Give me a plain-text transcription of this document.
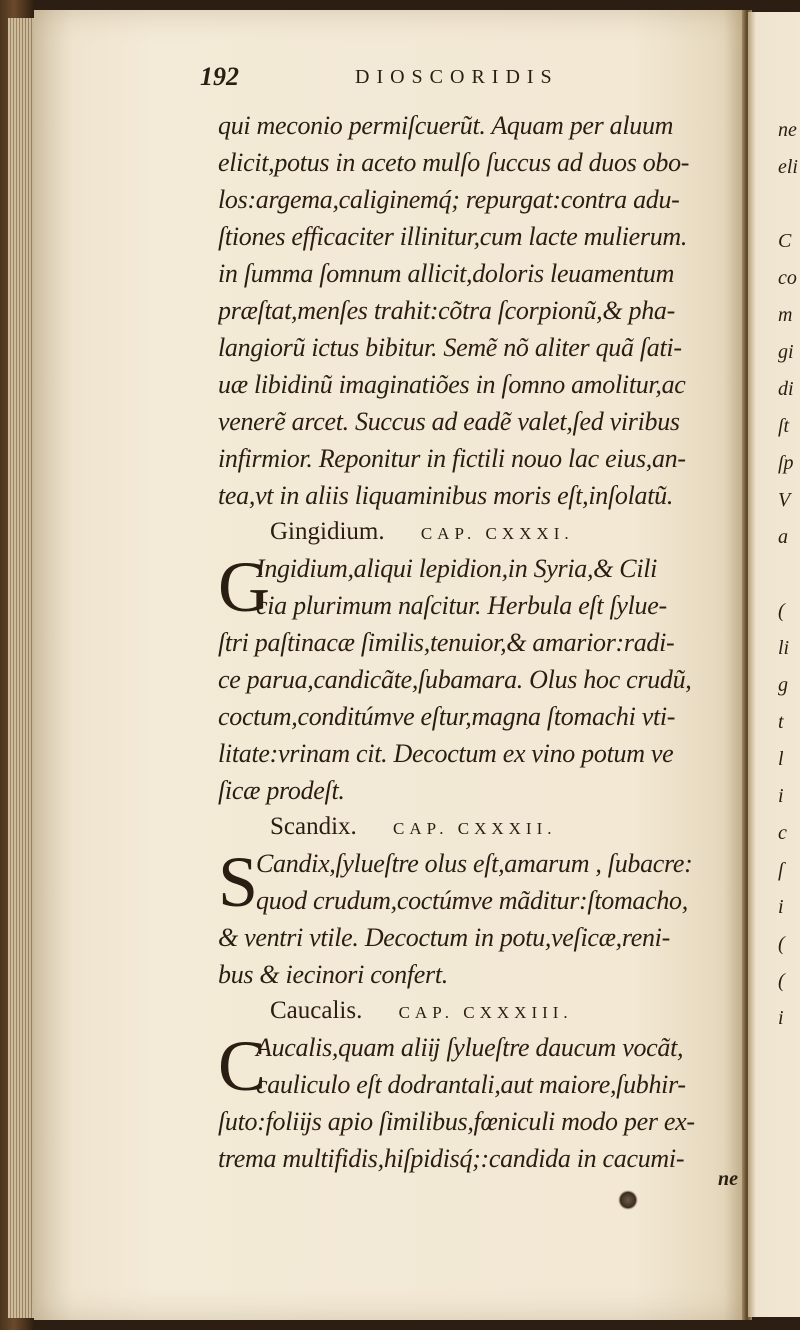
192	DIOSCORIDIS
qui meconio permiſcuerũt. Aquam per aluum
elicit,potus in aceto mulſo ſuccus ad duos obo-
los:argema,caliginemq́; repurgat:contra adu-
ſtiones efficaciter illinitur,cum lacte mulierum.
in ſumma ſomnum allicit,doloris leuamentum
præſtat,menſes trahit:cõtra ſcorpionũ,& pha-
langiorũ ictus bibitur. Semẽ nõ aliter quã ſati-
uæ libidinũ imaginatiões in ſomno amolitur,ac
venerẽ arcet. Succus ad eadẽ valet,ſed viribus
infirmior. Reponitur in fictili nouo lac eius,an-
tea,vt in aliis liquaminibus moris eſt,inſolatũ.
Gingidium. CAP. CXXXI.
G
Ingidium,aliqui lepidion,in Syria,& Cili
cia plurimum naſcitur. Herbula eſt ſylue-
ſtri paſtinacæ ſimilis,tenuior,& amarior:radi-
ce parua,candicãte,ſubamara. Olus hoc crudũ,
coctum,conditúmve eſtur,magna ſtomachi vti-
litate:vrinam cit. Decoctum ex vino potum ve
ſicæ prodeſt.
Scandix. CAP. CXXXII.
S
Candix,ſylueſtre olus eſt,amarum , ſubacre:
quod crudum,coctúmve mãditur:ſtomacho,
& ventri vtile. Decoctum in potu,veſicæ,reni-
bus & iecinori confert.
Caucalis. CAP. CXXXIII.
C
Aucalis,quam aliĳ ſylueſtre daucum vocãt,
cauliculo eſt dodrantali,aut maiore,ſubhir-
ſuto:foliĳs apio ſimilibus,fœniculi modo per ex-
trema multifidis,hiſpidisq́;:candida in cacumi-
ne
ne
eli
C
co
m
gi
di
ſt
ſp
V
a
(
li
g
t
l
i
c
ſ
i
(
(
i
